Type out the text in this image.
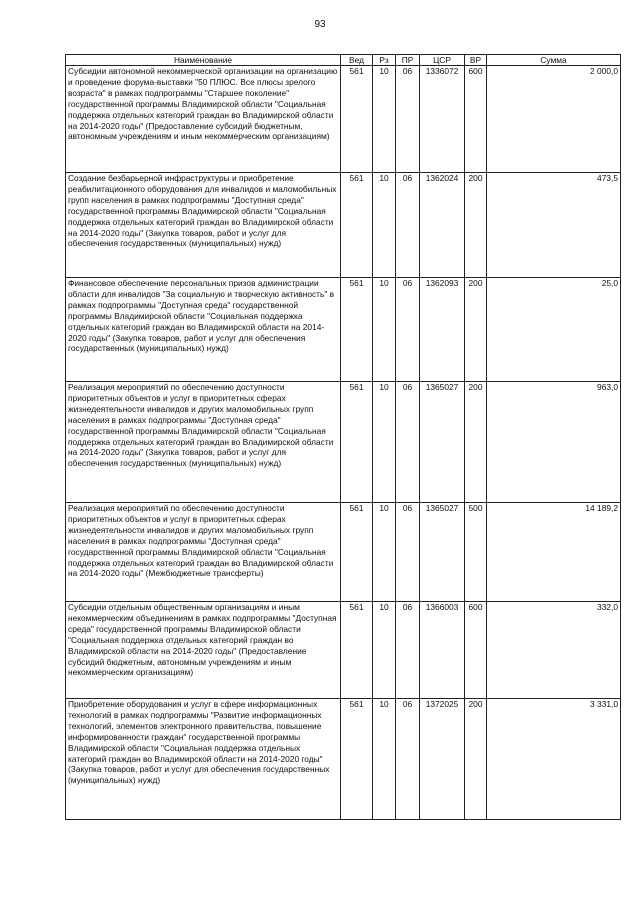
93
Наименование	Вед	Рз	ПР	ЦСР	ВР	Сумма
Субсидии автономной некоммерческой организации на организацию и проведение форума-выставки "50 ПЛЮС. Все плюсы зрелого возраста" в рамках подпрограммы "Старшее поколение" государственной программы Владимирской области "Социальная поддержка отдельных категорий граждан во Владимирской области на 2014-2020 годы" (Предоставление субсидий бюджетным, автономным учреждениям и иным некоммерческим организациям)	561	10	06	1336072	600	2 000,0
Создание безбарьерной инфраструктуры и приобретение реабилитационного оборудования для инвалидов и маломобильных групп населения в рамках подпрограммы "Доступная среда" государственной программы Владимирской области "Социальная поддержка отдельных категорий граждан во Владимирской области на 2014-2020 годы" (Закупка товаров, работ и услуг для обеспечения государственных (муниципальных) нужд)	561	10	06	1362024	200	473,5
Финансовое обеспечение персональных призов администрации области для инвалидов "За социальную и творческую активность" в рамках подпрограммы "Доступная среда" государственной программы Владимирской области "Социальная поддержка отдельных категорий граждан во Владимирской области на 2014-2020 годы" (Закупка товаров, работ и услуг для обеспечения государственных (муниципальных) нужд)	561	10	06	1362093	200	25,0
Реализация мероприятий по обеспечению доступности приоритетных объектов и услуг в приоритетных сферах жизнедеятельности инвалидов и других маломобильных групп населения в рамках подпрограммы "Доступная среда" государственной программы Владимирской области "Социальная поддержка отдельных категорий граждан во Владимирской области на 2014-2020 годы" (Закупка товаров, работ и услуг для обеспечения государственных (муниципальных) нужд)	561	10	06	1365027	200	963,0
Реализация мероприятий по обеспечению доступности приоритетных объектов и услуг в приоритетных сферах жизнедеятельности инвалидов и других маломобильных групп населения в рамках подпрограммы "Доступная среда" государственной программы Владимирской области "Социальная поддержка отдельных категорий граждан во Владимирской области на 2014-2020 годы" (Межбюджетные трансферты)	561	10	06	1365027	500	14 189,2
Субсидии отдельным общественным организациям и иным некоммерческим объединениям в рамках подпрограммы "Доступная среда" государственной программы Владимирской области "Социальная поддержка отдельных категорий граждан во Владимирской области на 2014-2020 годы" (Предоставление субсидий бюджетным, автономным учреждениям и иным некоммерческим организациям)	561	10	06	1366003	600	332,0
Приобретение оборудования и услуг в сфере информационных технологий в рамках подпрограммы "Развитие информационных технологий, элементов электронного правительства, повышение информированности граждан" государственной программы Владимирской области "Социальная поддержка отдельных категорий граждан во Владимирской области на 2014-2020 годы" (Закупка товаров, работ и услуг для обеспечения государственных (муниципальных) нужд)	561	10	06	1372025	200	3 331,0
